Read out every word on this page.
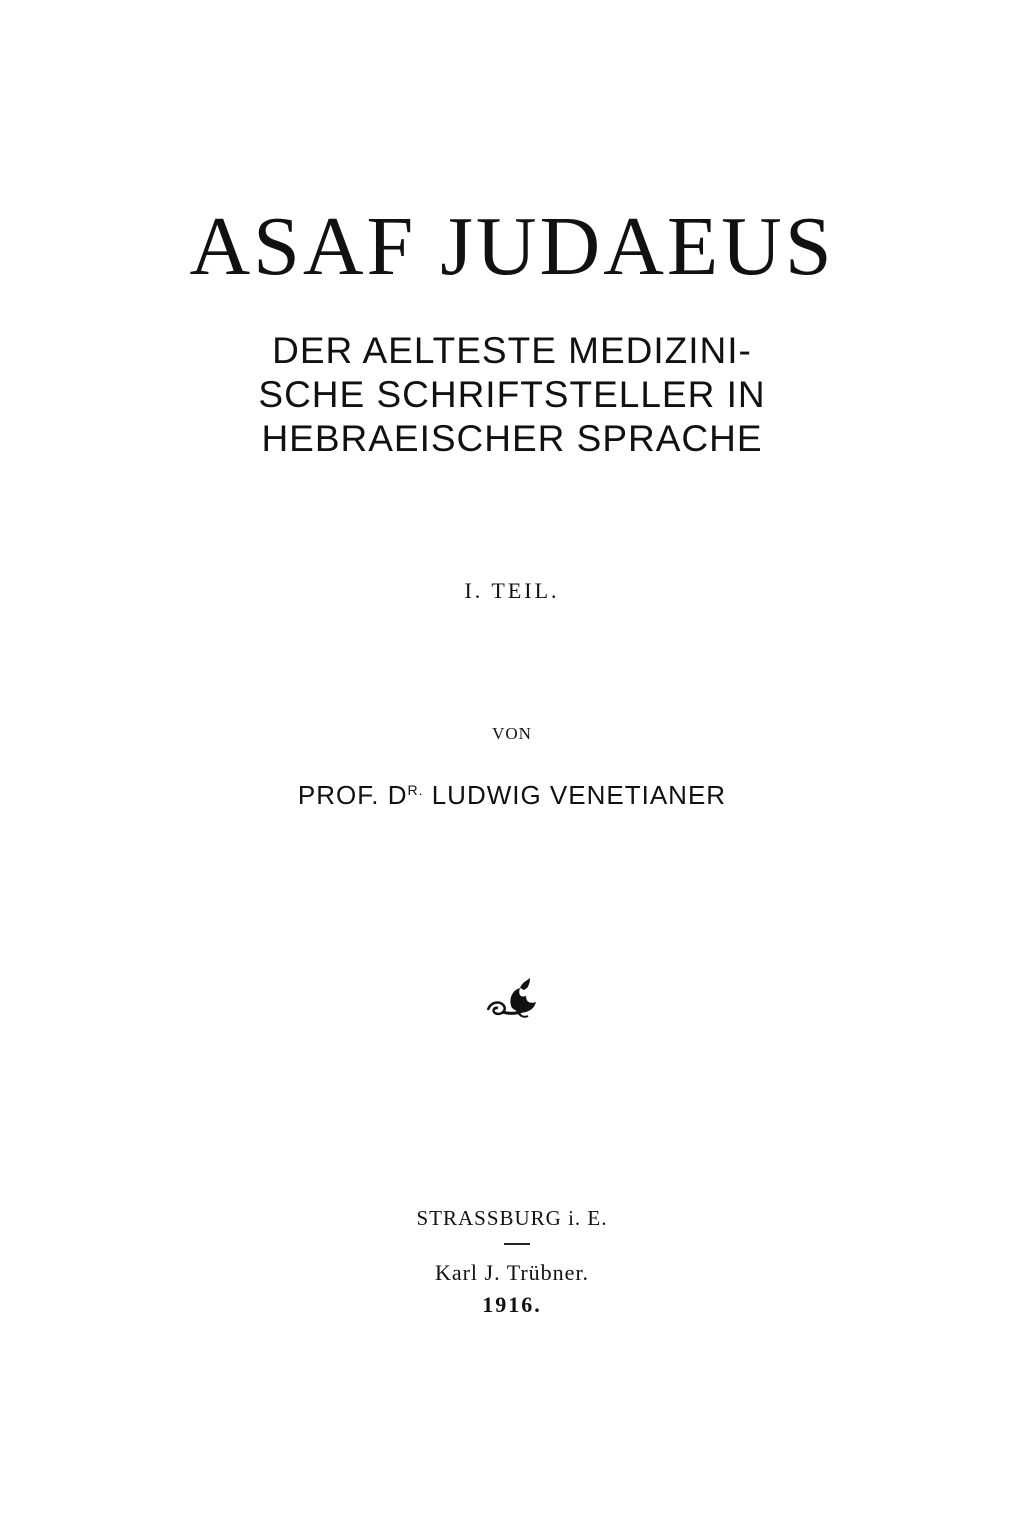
ASAF JUDAEUS
DER AELTESTE MEDIZINI-
SCHE SCHRIFTSTELLER IN
HEBRAEISCHER SPRACHE
I. TEIL.
VON
PROF. $D^{R.}$ LUDWIG VENETIANER
STRASSBURG i. E.
Karl J. Trübner.
1916.
